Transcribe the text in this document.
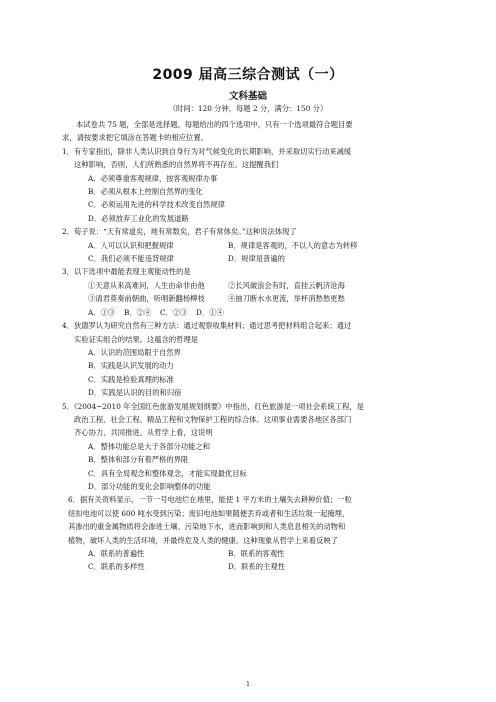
2009 届高三综合测试（一）
文科基础
（时间：120 分钟，每题 2 分，满分：150 分）

本试卷共 75 题，全部是选择题。每题给出的四个选项中，只有一个选项最符合题目要

求，请按要求把它填涂在答题卡的相应位置。

1．有专家指出，除非人类认识到自身行为对气候变化的长期影响，并采取切实行动来减缓

这种影响，否则，人们所熟悉的自然界将不再存在。这提醒我们

A．必须尊重客观规律，按客观规律办事

B．必须从根本上控制自然界的变化

C．必须运用先进的科学技术改变自然规律

D．必须放弃工业化的发展道路

2．荀子说：“天有常道矣，地有常数矣，君子有常体矣。”这种说法体现了

A．人可以认识和把握规律	B．规律是客观的，不以人的意志为转移
C．我们必须不能违背规律	D．规律是普遍的

3．以下选项中最能表现主观能动性的是

①天意从来高难问，人生由命非由他	②长风破浪会有时，直挂云帆济沧海
③请君莫奏前朝曲，听唱新翻杨柳枝	④抽刀断水水更流，举杯消愁愁更愁
A．①③	B．②④	C．②③	D．①④

4．狄德罗认为研究自然有三种方法：通过观察收集材料；通过思考把材料组合起来；通过

实验证实组合的结果。这蕴含的哲理是

A．认识的范围局限于自然界

B．实践是认识发展的动力

C．实践是检验真理的标准

D．实践是认识的目的和归宿

5．《2004~2010 年全国红色旅游发展规划纲要》中指出，红色旅游是一项社会系统工程，是

政治工程、社会工程、精品工程和文物保护工程的综合体。这项事业需要各地区各部门

齐心协力、共同推进。从哲学上看，这说明

A．整体功能总是大于各部分功能之和

B．整体和部分有着严格的界限

C．具有全局观念和整体观念，才能实现最优目标

D．部分功能的变化会影响整体的功能

6．据有关资料显示，一节一号电池烂在地里，能使 1 平方米的土壤失去耕种价值；一粒

纽扣电池可以使 600 吨水受到污染；废旧电池如果随便丢弃或者和生活垃圾一起掩埋，

其渗出的重金属物质将会渗进土壤、污染地下水，进而影响到和人类息息相关的动物和

植物，破坏人类的生活环境，并最终危及人类的健康。这种现象从哲学上来看反映了

A．联系的普遍性	B．联系的客观性
C．联系的多样性	D．联系的主观性
1
